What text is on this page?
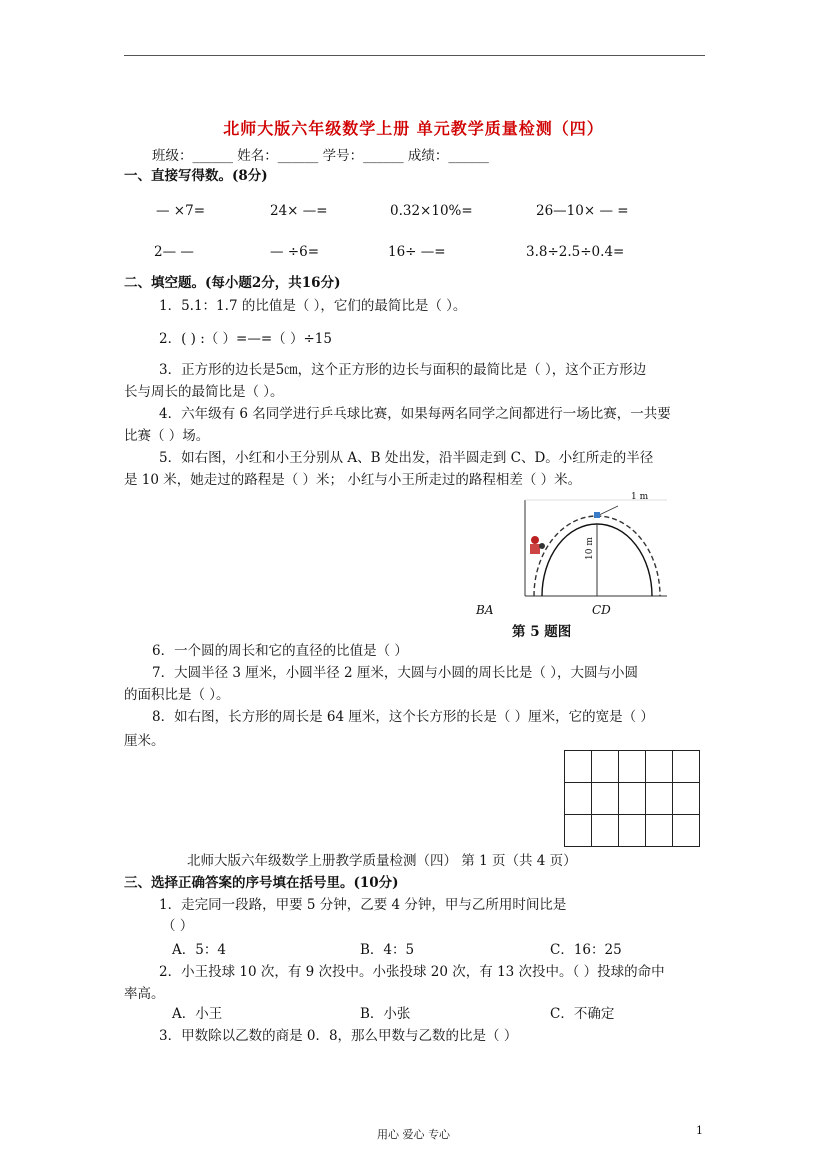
北师大版六年级数学上册 单元教学质量检测（四）
班级：______ 姓名：______ 学号：______ 成绩：______
一、直接写得数。(8分)
— ×7=	24× —=	0.32×10%=	26—10× — =
2— —	— ÷6=	16÷ —=	3.8÷2.5÷0.4=
二、填空题。(每小题2分，共16分)
1．5.1：1.7 的比值是（ ），它们的最简比是（ ）。
2．( ) :（ ）=—=（ ）÷15
3．正方形的边长是5㎝，这个正方形的边长与面积的最简比是（ ），这个正方形边
长与周长的最简比是（ ）。
4．六年级有 6 名同学进行乒乓球比赛，如果每两名同学之间都进行一场比赛，一共要
比赛（ ）场。
5．如右图，小红和小王分别从 A、B 处出发，沿半圆走到 C、D。小红所走的半径
是 10 米，她走过的路程是（ ）米； 小红与小王所走过的路程相差（ ）米。
1 m
10 m
BA	CD
第 5 题图
6．一个圆的周长和它的直径的比值是（ ）
7．大圆半径 3 厘米，小圆半径 2 厘米，大圆与小圆的周长比是（ ），大圆与小圆
的面积比是（ ）。
8．如右图，长方形的周长是 64 厘米，这个长方形的长是（ ）厘米，它的宽是（ ）
厘米。

北师大版六年级数学上册教学质量检测（四） 第 1 页（共 4 页）
三、选择正确答案的序号填在括号里。(10分)
1．走完同一段路，甲要 5 分钟，乙要 4 分钟，甲与乙所用时间比是
（ ）
A．5：4	B．4：5	C．16：25
2．小王投球 10 次，有 9 次投中。小张投球 20 次，有 13 次投中。（ ）投球的命中
率高。
A．小王	B．小张	C．不确定
3．甲数除以乙数的商是 0．8，那么甲数与乙数的比是（ ）
用心 爱心 专心	1
